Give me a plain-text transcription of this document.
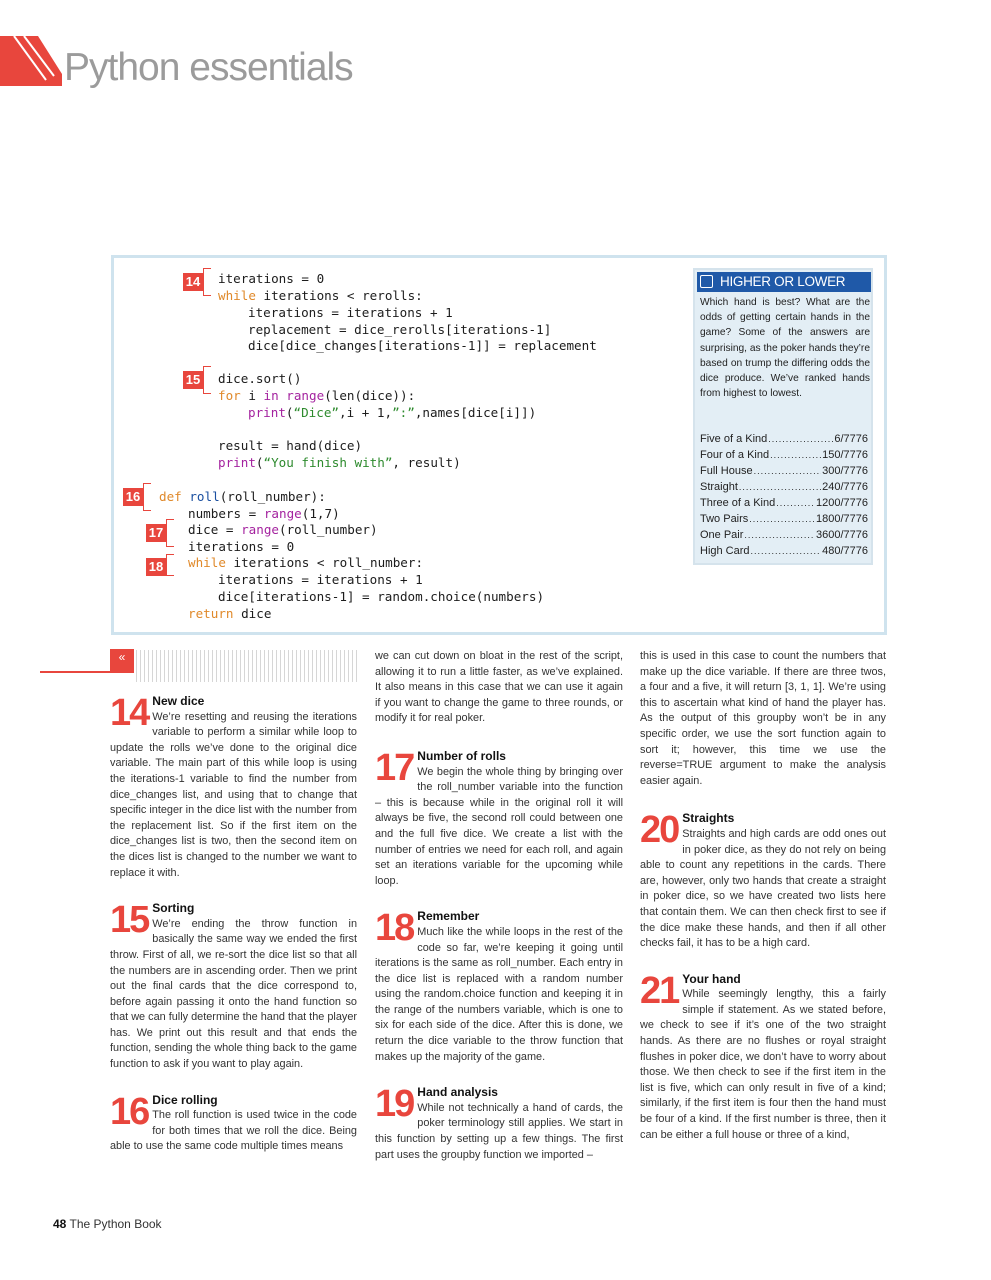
Python essentials
14
15
16
17
18
iterations = 0
while iterations < rerolls:
iterations = iterations + 1
replacement = dice_rerolls[iterations-1]
dice[dice_changes[iterations-1]] = replacement
dice.sort()
for i in range(len(dice)):
print(“Dice”,i + 1,”:”,names[dice[i]])
result = hand(dice)
print(“You finish with”, result)
def roll(roll_number):
numbers = range(1,7)
dice = range(roll_number)
iterations = 0
while iterations < roll_number:
iterations = iterations + 1
dice[iterations-1] = random.choice(numbers)
return dice
HIGHER OR LOWER
Which hand is best? What are the odds of getting certain hands in the game? Some of the answers are surprising, as the poker hands they’re based on trump the differing odds the dice produce. We’ve ranked hands from highest to lowest.
Five of a Kind .....	6/7776
Four of a Kind .....	150/7776
Full House .....	300/7776
Straight .....	240/7776
Three of a Kind .....	1200/7776
Two Pairs .....	1800/7776
One Pair .....	3600/7776
High Card .....	480/7776
«
14 New dice
We’re resetting and reusing the iterations variable to perform a similar while loop to update the rolls we’ve done to the original dice variable. The main part of this while loop is using the iterations-1 variable to find the number from dice_changes list, and using that to change that specific integer in the dice list with the number from the replacement list. So if the first item on the dice_changes list is two, then the second item on the dices list is changed to the number we want to replace it with.
15 Sorting
We’re ending the throw function in basically the same way we ended the first throw. First of all, we re-sort the dice list so that all the numbers are in ascending order. Then we print out the final cards that the dice correspond to, before again passing it onto the hand function so that we can fully determine the hand that the player has. We print out this result and that ends the function, sending the whole thing back to the game function to ask if you want to play again.
16 Dice rolling
The roll function is used twice in the code for both times that we roll the dice. Being able to use the same code multiple times means

we can cut down on bloat in the rest of the script, allowing it to run a little faster, as we’ve explained. It also means in this case that we can use it again if you want to change the game to three rounds, or modify it for real poker.

17 Number of rolls
We begin the whole thing by bringing over the roll_number variable into the function – this is because while in the original roll it will always be five, the second roll could between one and the full five dice. We create a list with the number of entries we need for each roll, and again set an iterations variable for the upcoming while loop.
18 Remember
Much like the while loops in the rest of the code so far, we’re keeping it going until iterations is the same as roll_number. Each entry in the dice list is replaced with a random number using the random.choice function and keeping it in the range of the numbers variable, which is one to six for each side of the dice. After this is done, we return the dice variable to the throw function that makes up the majority of the game.
19 Hand analysis
While not technically a hand of cards, the poker terminology still applies. We start in this function by setting up a few things. The first part uses the groupby function we imported –

this is used in this case to count the numbers that make up the dice variable. If there are three twos, a four and a five, it will return [3, 1, 1]. We’re using this to ascertain what kind of hand the player has. As the output of this groupby won’t be in any specific order, we use the sort function again to sort it; however, this time we use the reverse=TRUE argument to make the analysis easier again.

20 Straights
Straights and high cards are odd ones out in poker dice, as they do not rely on being able to count any repetitions in the cards. There are, however, only two hands that create a straight in poker dice, so we have created two lists here that contain them. We can then check first to see if the dice make these hands, and then if all other checks fail, it has to be a high card.
21 Your hand
While seemingly lengthy, this a fairly simple if statement. As we stated before, we check to see if it’s one of the two straight hands. As there are no flushes or royal straight flushes in poker dice, we don’t have to worry about those. We then check to see if the first item in the list is five, which can only result in five of a kind; similarly, if the first item is four then the hand must be four of a kind. If the first number is three, then it can be either a full house or three of a kind,
48 The Python Book
